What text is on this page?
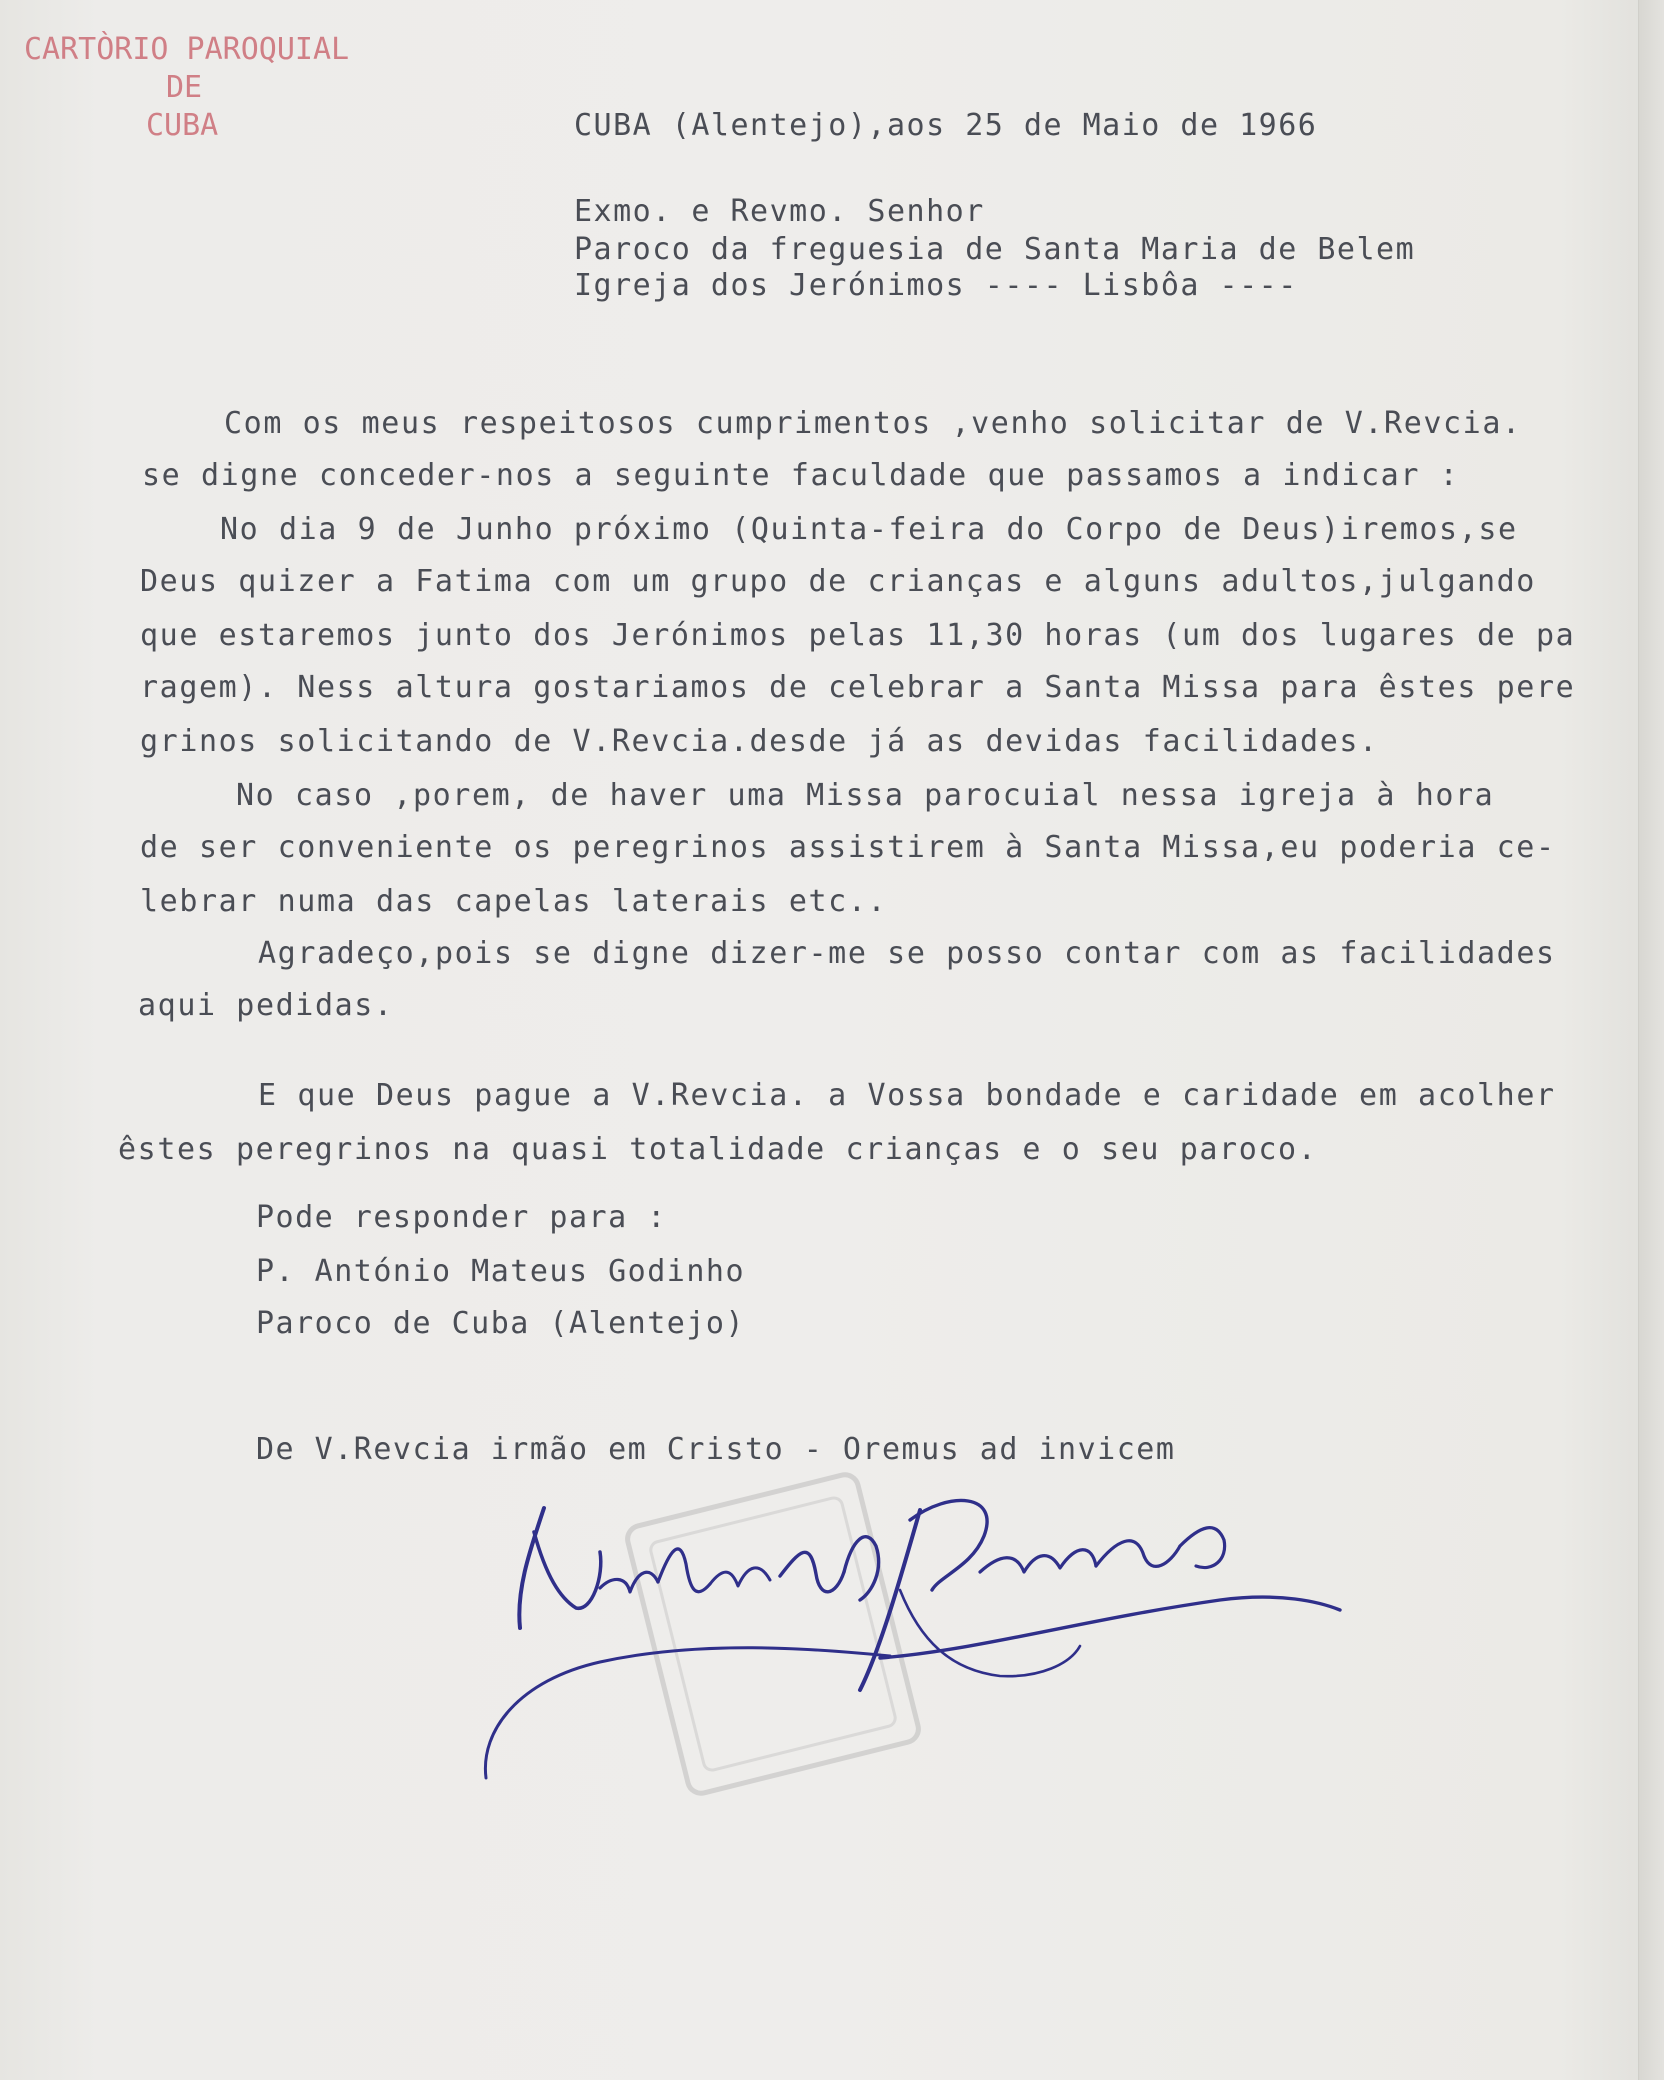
CARTÒRIO PAROQUIAL
DE
CUBA	CUBA (Alentejo),aos 25 de Maio de 1966
Exmo. e Revmo. Senhor
Paroco da freguesia de Santa Maria de Belem
Igreja dos Jerónimos ---- Lisbôa ----
Com os meus respeitosos cumprimentos ,venho solicitar de V.Revcia.
se digne conceder-nos a seguinte faculdade que passamos a indicar :
No dia 9 de Junho próximo (Quinta-feira do Corpo de Deus)iremos,se
Deus quizer a Fatima com um grupo de crianças e alguns adultos,julgando
que estaremos junto dos Jerónimos pelas 11,30 horas (um dos lugares de pa
ragem). Ness altura gostariamos de celebrar a Santa Missa para êstes pere
grinos solicitando de V.Revcia.desde já as devidas facilidades.
No caso ,porem, de haver uma Missa parocuial nessa igreja à hora
de ser conveniente os peregrinos assistirem à Santa Missa,eu poderia ce-
lebrar numa das capelas laterais etc..
Agradeço,pois se digne dizer-me se posso contar com as facilidades
aqui pedidas.
E que Deus pague a V.Revcia. a Vossa bondade e caridade em acolher
êstes peregrinos na quasi totalidade crianças e o seu paroco.
Pode responder para :
P. António Mateus Godinho
Paroco de Cuba (Alentejo)
De V.Revcia irmão em Cristo - Oremus ad invicem
